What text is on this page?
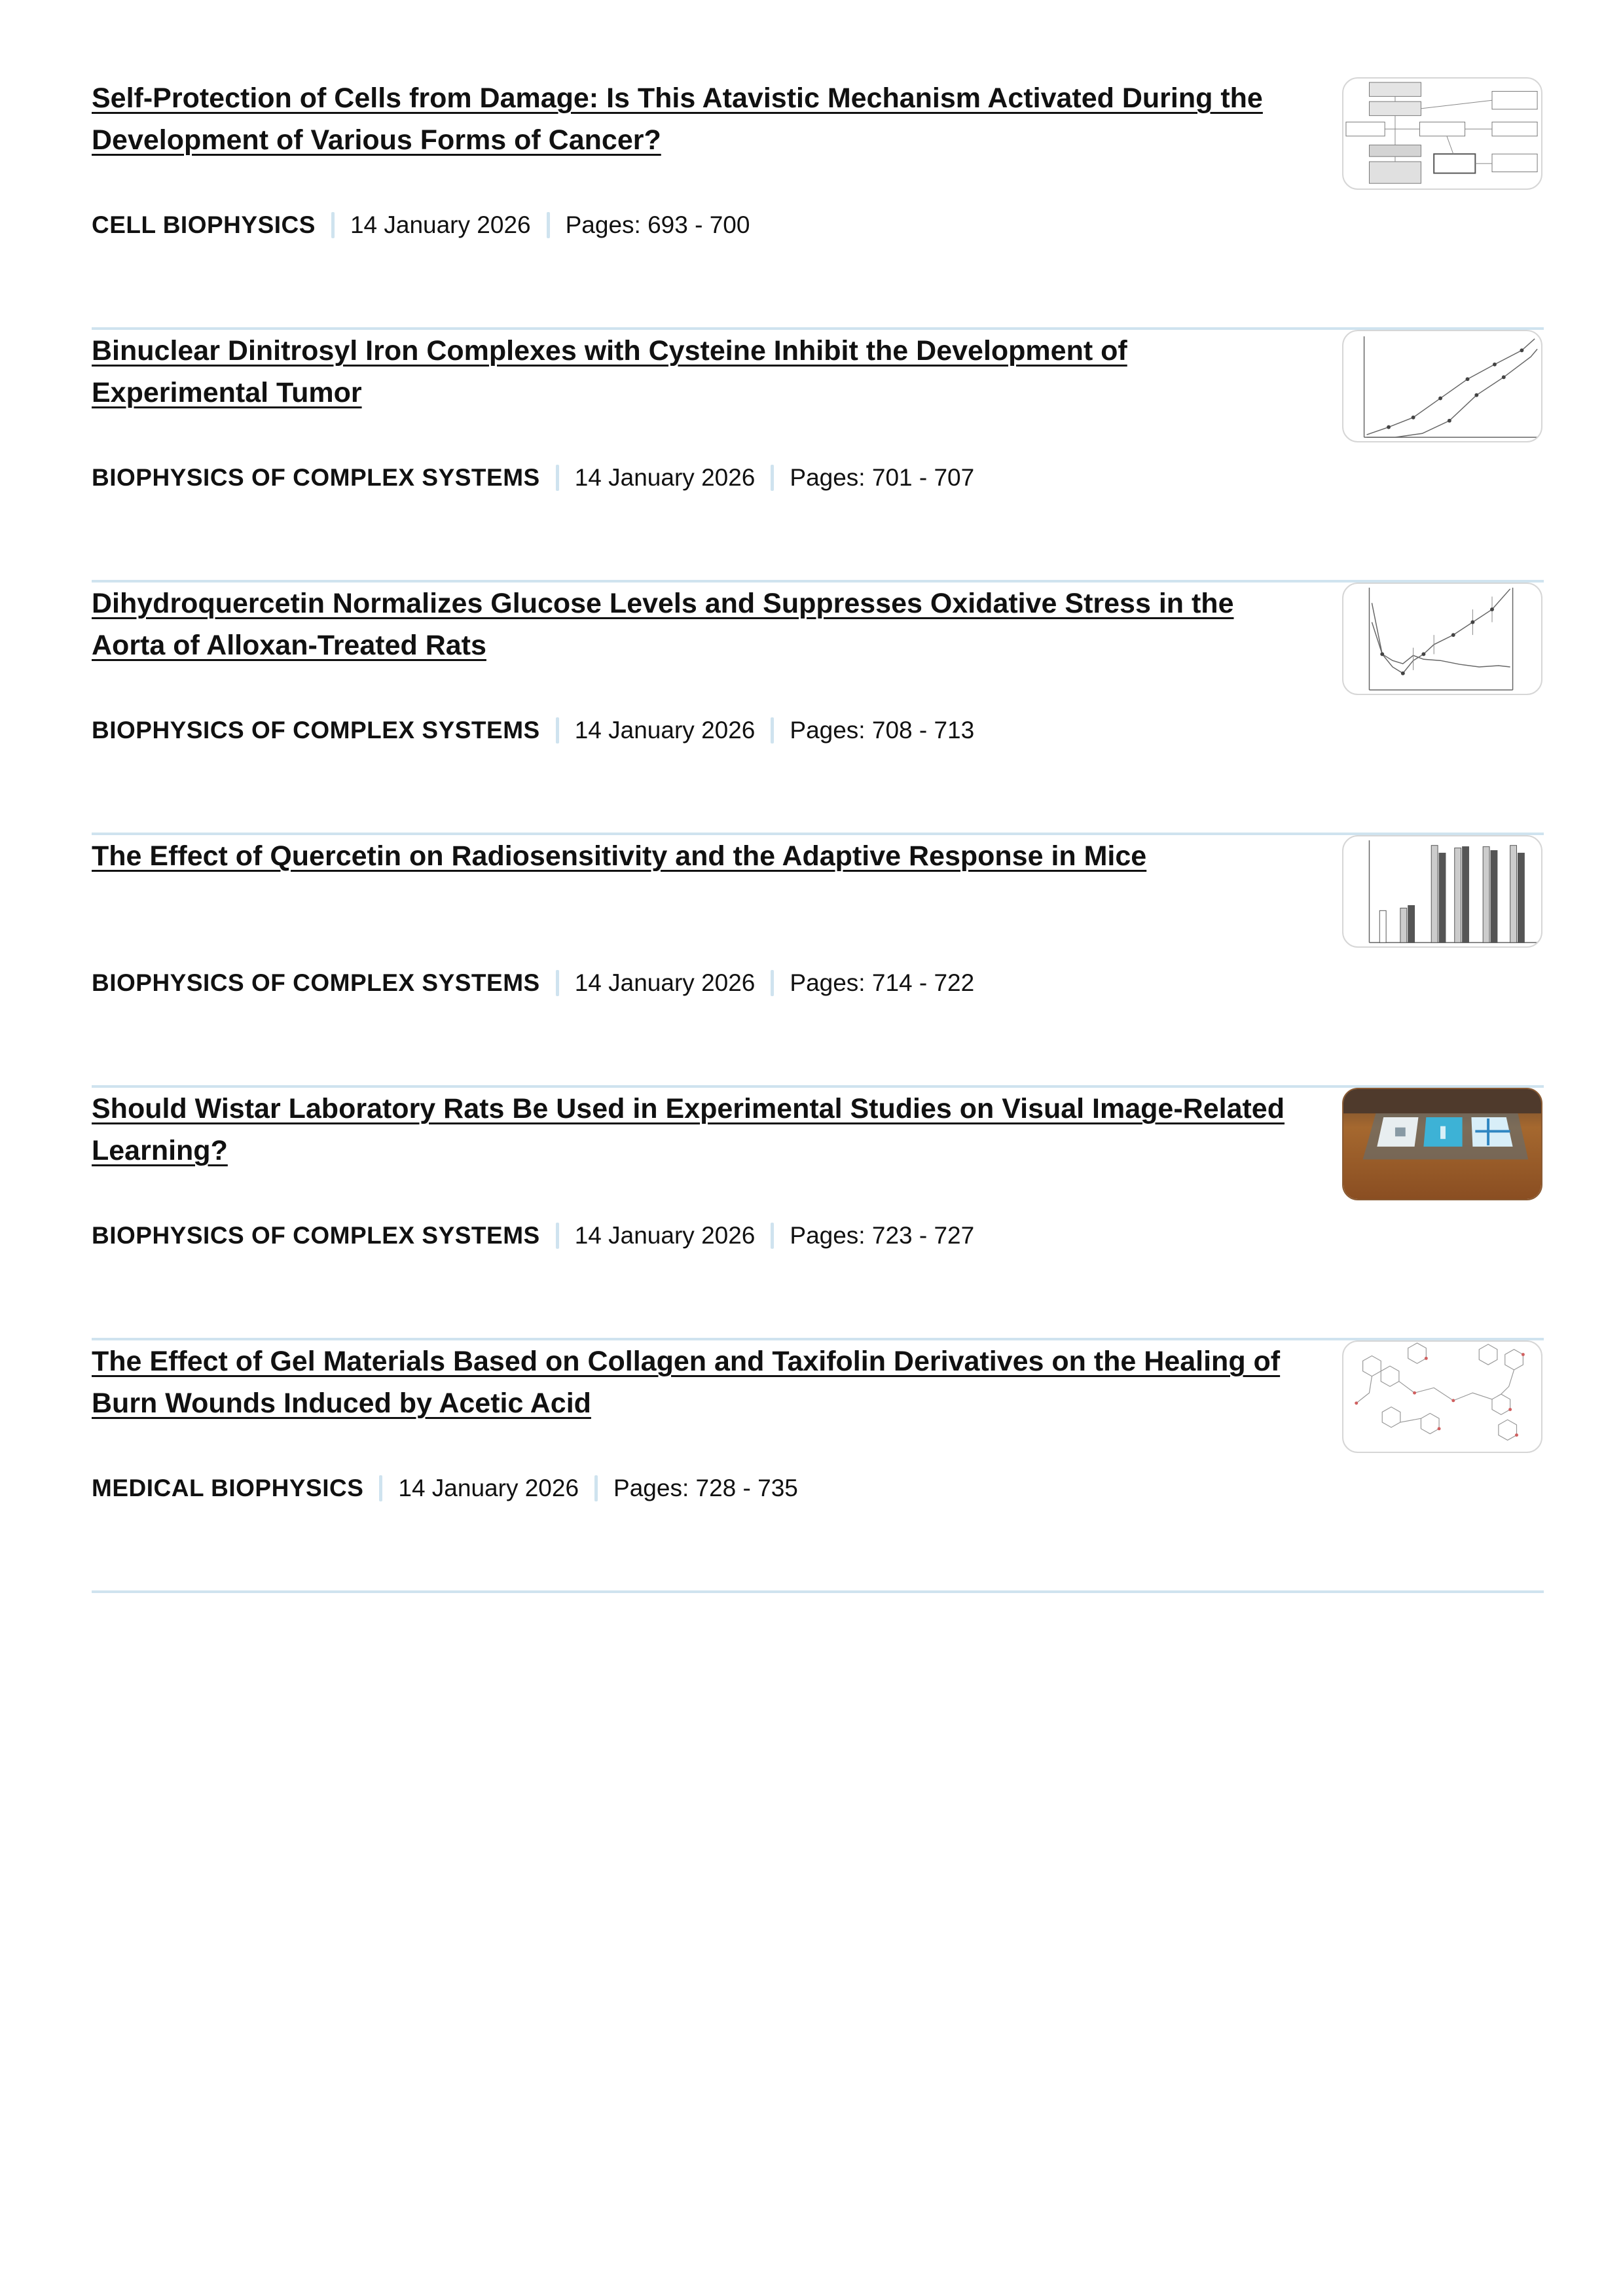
Self-Protection of Cells from Damage: Is This Atavistic Mechanism Activated During the Development of Various Forms of Cancer?
CELL BIOPHYSICS 14 January 2026 Pages: 693 - 700
Binuclear Dinitrosyl Iron Complexes with Cysteine Inhibit the Development of Experimental Tumor
BIOPHYSICS OF COMPLEX SYSTEMS 14 January 2026 Pages: 701 - 707
Dihydroquercetin Normalizes Glucose Levels and Suppresses Oxidative Stress in the Aorta of Alloxan-Treated Rats
BIOPHYSICS OF COMPLEX SYSTEMS 14 January 2026 Pages: 708 - 713
The Effect of Quercetin on Radiosensitivity and the Adaptive Response in Mice
BIOPHYSICS OF COMPLEX SYSTEMS 14 January 2026 Pages: 714 - 722
Should Wistar Laboratory Rats Be Used in Experimental Studies on Visual Image-Related Learning?
BIOPHYSICS OF COMPLEX SYSTEMS 14 January 2026 Pages: 723 - 727
The Effect of Gel Materials Based on Collagen and Taxifolin Derivatives on the Healing of Burn Wounds Induced by Acetic Acid
MEDICAL BIOPHYSICS 14 January 2026 Pages: 728 - 735
